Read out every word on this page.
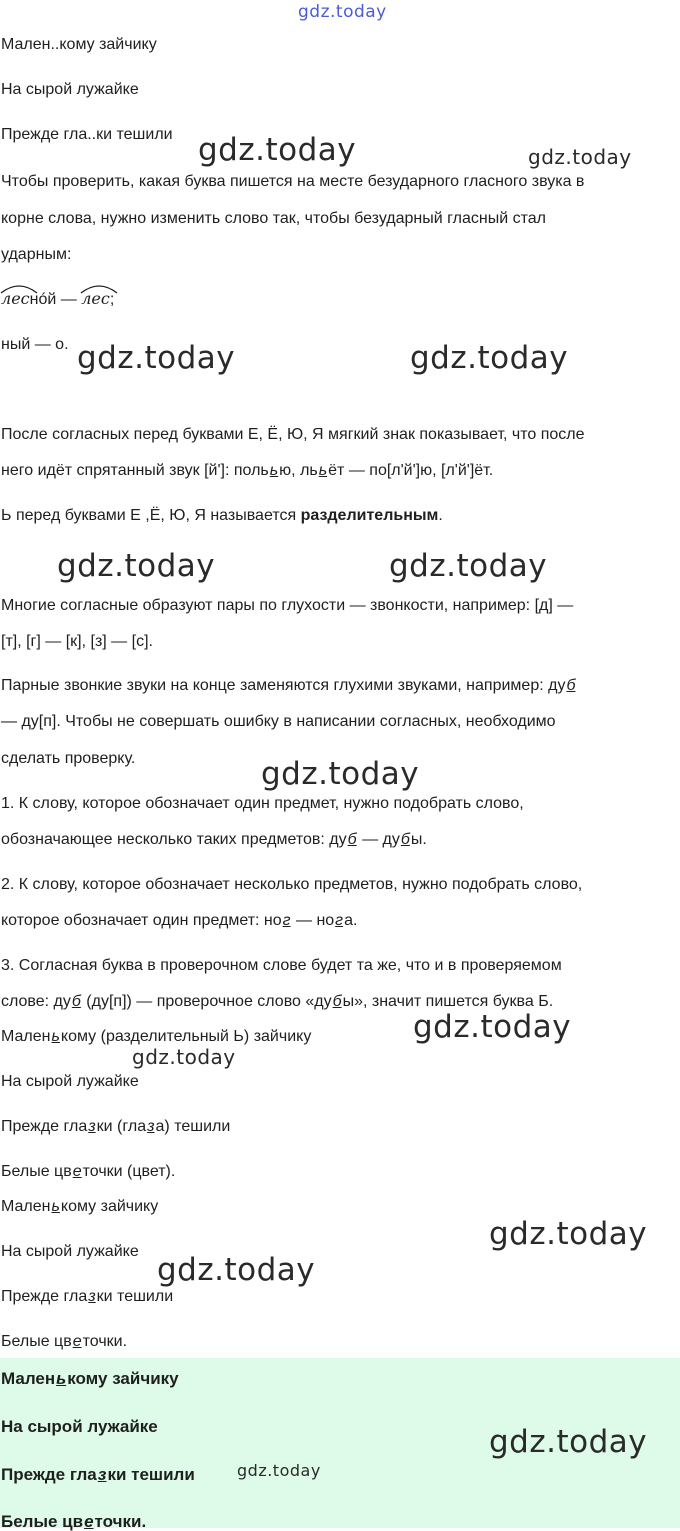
gdz.today
gdz.today	gdz.today
gdz.today	gdz.today
gdz.today	gdz.today
gdz.today
gdz.today
gdz.today
gdz.today
gdz.today
Мален..кому зайчику
На сырой лужайке
Прежде гла..ки тешили
Чтобы проверить, какая буква пишется на месте безударного гласного звука в
корне слова, нужно изменить слово так, чтобы безударный гласный стал
ударным:
леснóй —
лес;
ный — о.
После согласных перед буквами Е, Ё, Ю, Я мягкий знак показывает, что после
него идёт спрятанный звук [й']: польью, лььёт — по[л'й']ю, [л'й']ёт.
Ь перед буквами Е ,Ё, Ю, Я называется разделительным.
Многие согласные образуют пары по глухости — звонкости, например: [д] —
[т], [г] — [к], [з] — [с].
Парные звонкие звуки на конце заменяются глухими звуками, например: дуб
— ду[п]. Чтобы не совершать ошибку в написании согласных, необходимо
сделать проверку.
1. К слову, которое обозначает один предмет, нужно подобрать слово,
обозначающее несколько таких предметов: дуб — дубы.
2. К слову, которое обозначает несколько предметов, нужно подобрать слово,
которое обозначает один предмет: ног — нога.
3. Согласная буква в проверочном слове будет та же, что и в проверяемом
слове: дуб (ду[п]) — проверочное слово «дубы», значит пишется буква Б.
Маленькому (разделительный Ь) зайчику
На сырой лужайке
Прежде глазки (глаза) тешили
Белые цветочки (цвет).
Маленькому зайчику
На сырой лужайке
Прежде глазки тешили
Белые цветочки.
Маленькому зайчику
На сырой лужайке
Прежде глазки тешили
Белые цветочки.
gdz.today
gdz.today
